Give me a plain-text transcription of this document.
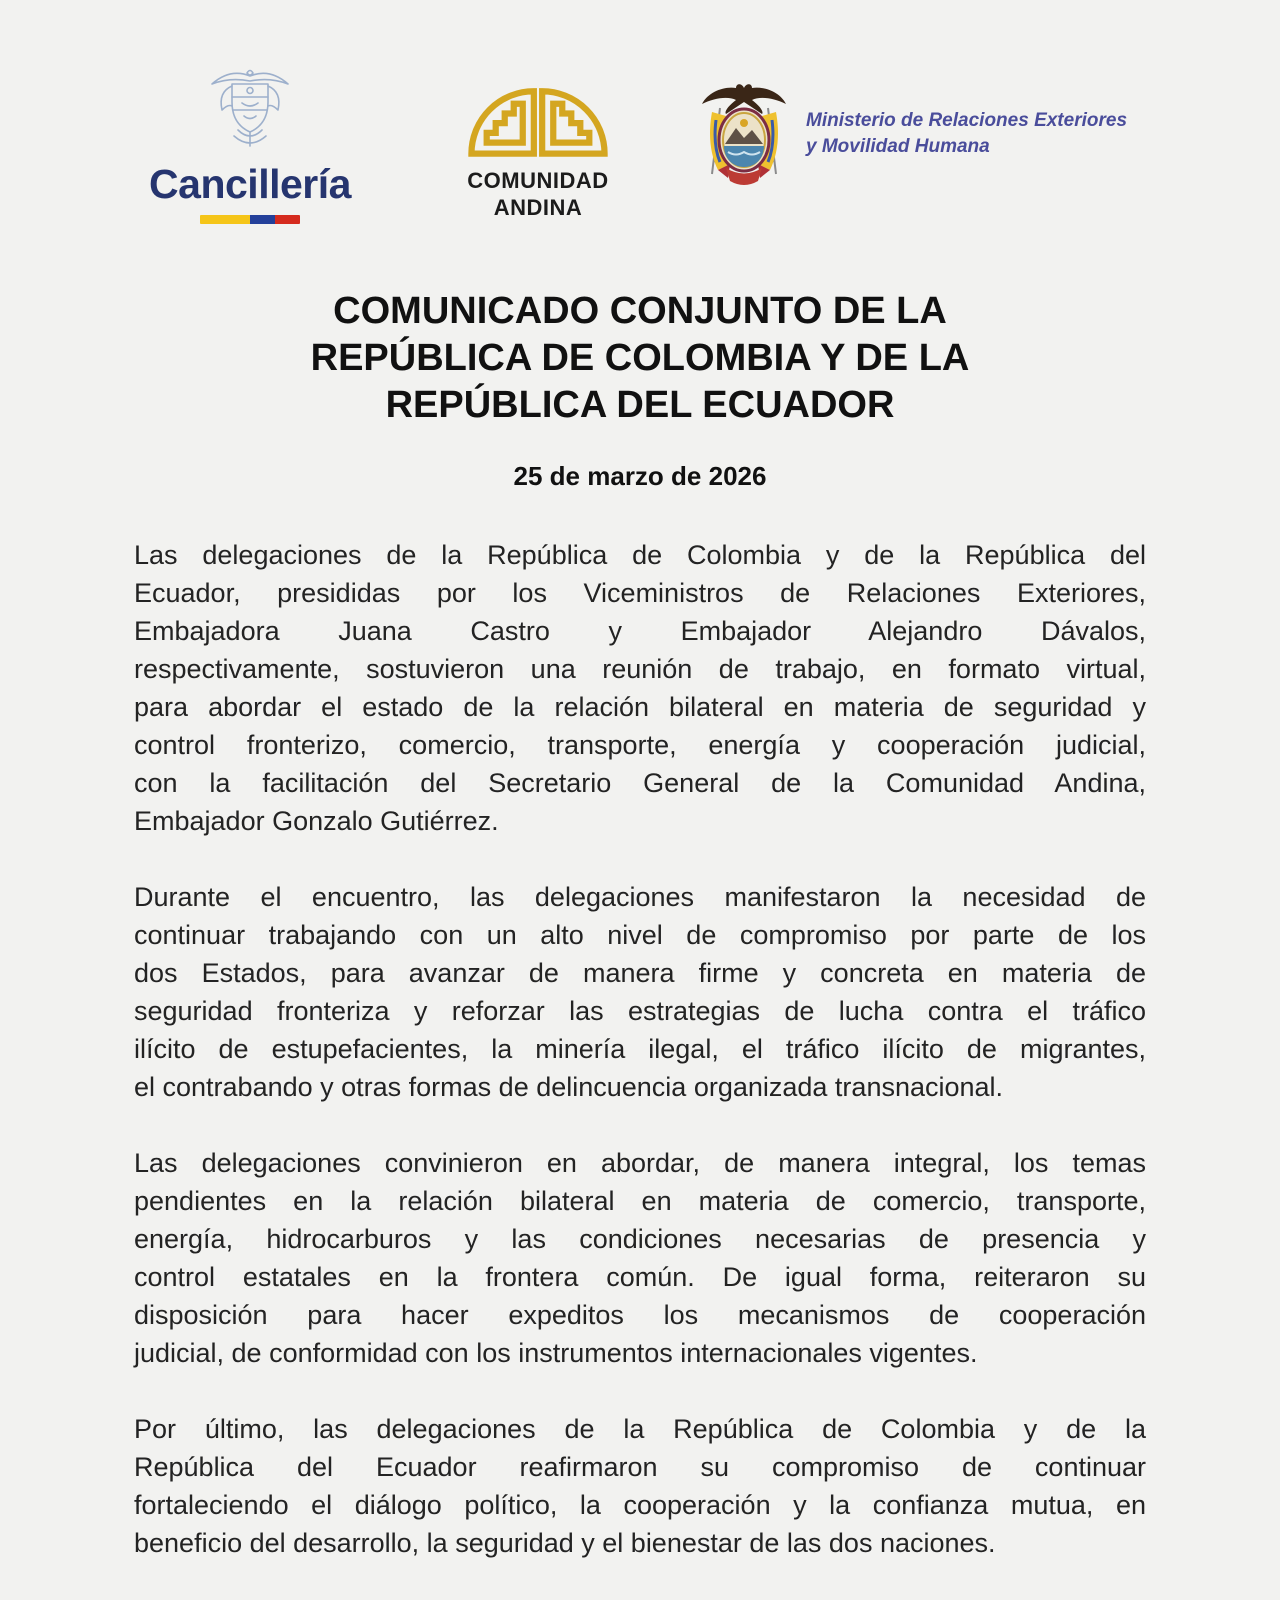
Cancillería	COMUNIDAD
ANDINA
Ministerio de Relaciones Exteriores
y Movilidad Humana
COMUNICADO CONJUNTO DE LA
REPÚBLICA DE COLOMBIA Y DE LA
REPÚBLICA DEL ECUADOR
25 de marzo de 2026

Las delegaciones de la República de Colombia y de la República del
Ecuador, presididas por los Viceministros de Relaciones Exteriores,
Embajadora Juana Castro y Embajador Alejandro Dávalos,
respectivamente, sostuvieron una reunión de trabajo, en formato virtual,
para abordar el estado de la relación bilateral en materia de seguridad y
control fronterizo, comercio, transporte, energía y cooperación judicial,
con la facilitación del Secretario General de la Comunidad Andina,
Embajador Gonzalo Gutiérrez.

Durante el encuentro, las delegaciones manifestaron la necesidad de
continuar trabajando con un alto nivel de compromiso por parte de los
dos Estados, para avanzar de manera firme y concreta en materia de
seguridad fronteriza y reforzar las estrategias de lucha contra el tráfico
ilícito de estupefacientes, la minería ilegal, el tráfico ilícito de migrantes,
el contrabando y otras formas de delincuencia organizada transnacional.

Las delegaciones convinieron en abordar, de manera integral, los temas
pendientes en la relación bilateral en materia de comercio, transporte,
energía, hidrocarburos y las condiciones necesarias de presencia y
control estatales en la frontera común. De igual forma, reiteraron su
disposición para hacer expeditos los mecanismos de cooperación
judicial, de conformidad con los instrumentos internacionales vigentes.

Por último, las delegaciones de la República de Colombia y de la
República del Ecuador reafirmaron su compromiso de continuar
fortaleciendo el diálogo político, la cooperación y la confianza mutua, en
beneficio del desarrollo, la seguridad y el bienestar de las dos naciones.
